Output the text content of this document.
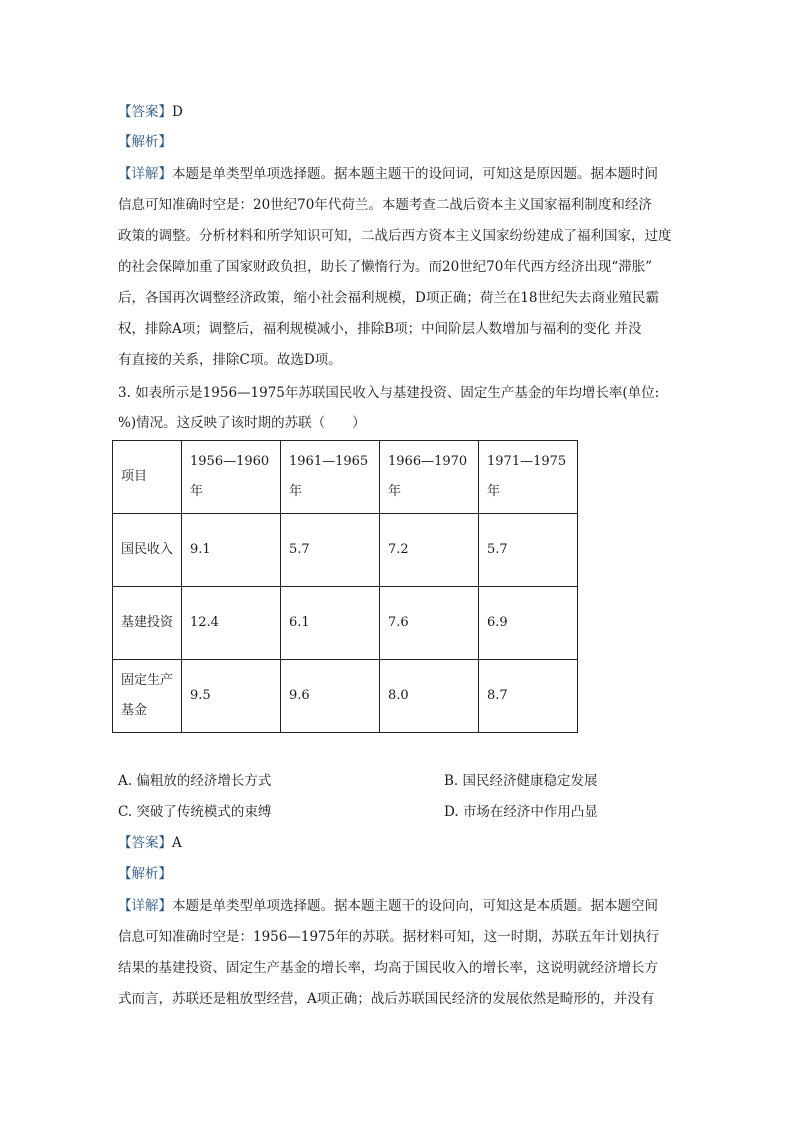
【答案】D
【解析】
【详解】本题是单类型单项选择题。据本题主题干的设问词，可知这是原因题。据本题时间
信息可知准确时空是：20世纪70年代荷兰。本题考查二战后资本主义国家福利制度和经济
政策的调整。分析材料和所学知识可知，二战后西方资本主义国家纷纷建成了福利国家，过度
的社会保障加重了国家财政负担，助长了懒惰行为。而20世纪70年代西方经济出现“滞胀”
后，各国再次调整经济政策，缩小社会福利规模，D项正确；荷兰在18世纪失去商业殖民霸
权，排除A项；调整后，福利规模减小，排除B项；中间阶层人数增加与福利的变化 并没
有直接的关系，排除C项。故选D项。
3. 如表所示是1956—1975年苏联国民收入与基建投资、固定生产基金的年均增长率(单位:
%)情况。这反映了该时期的苏联（　　）
项目	1956—1960年	1961—1965年	1966—1970年	1971—1975年
国民收入	9.1	5.7	7.2	5.7
基建投资	12.4	6.1	7.6	6.9
固定生产基金	9.5	9.6	8.0	8.7
A. 偏粗放的经济增长方式	B. 国民经济健康稳定发展
C. 突破了传统模式的束缚	D. 市场在经济中作用凸显
【答案】A
【解析】
【详解】本题是单类型单项选择题。据本题主题干的设问向，可知这是本质题。据本题空间
信息可知准确时空是：1956—1975年的苏联。据材料可知，这一时期，苏联五年计划执行
结果的基建投资、固定生产基金的增长率，均高于国民收入的增长率，这说明就经济增长方
式而言，苏联还是粗放型经营，A项正确；战后苏联国民经济的发展依然是畸形的，并没有
